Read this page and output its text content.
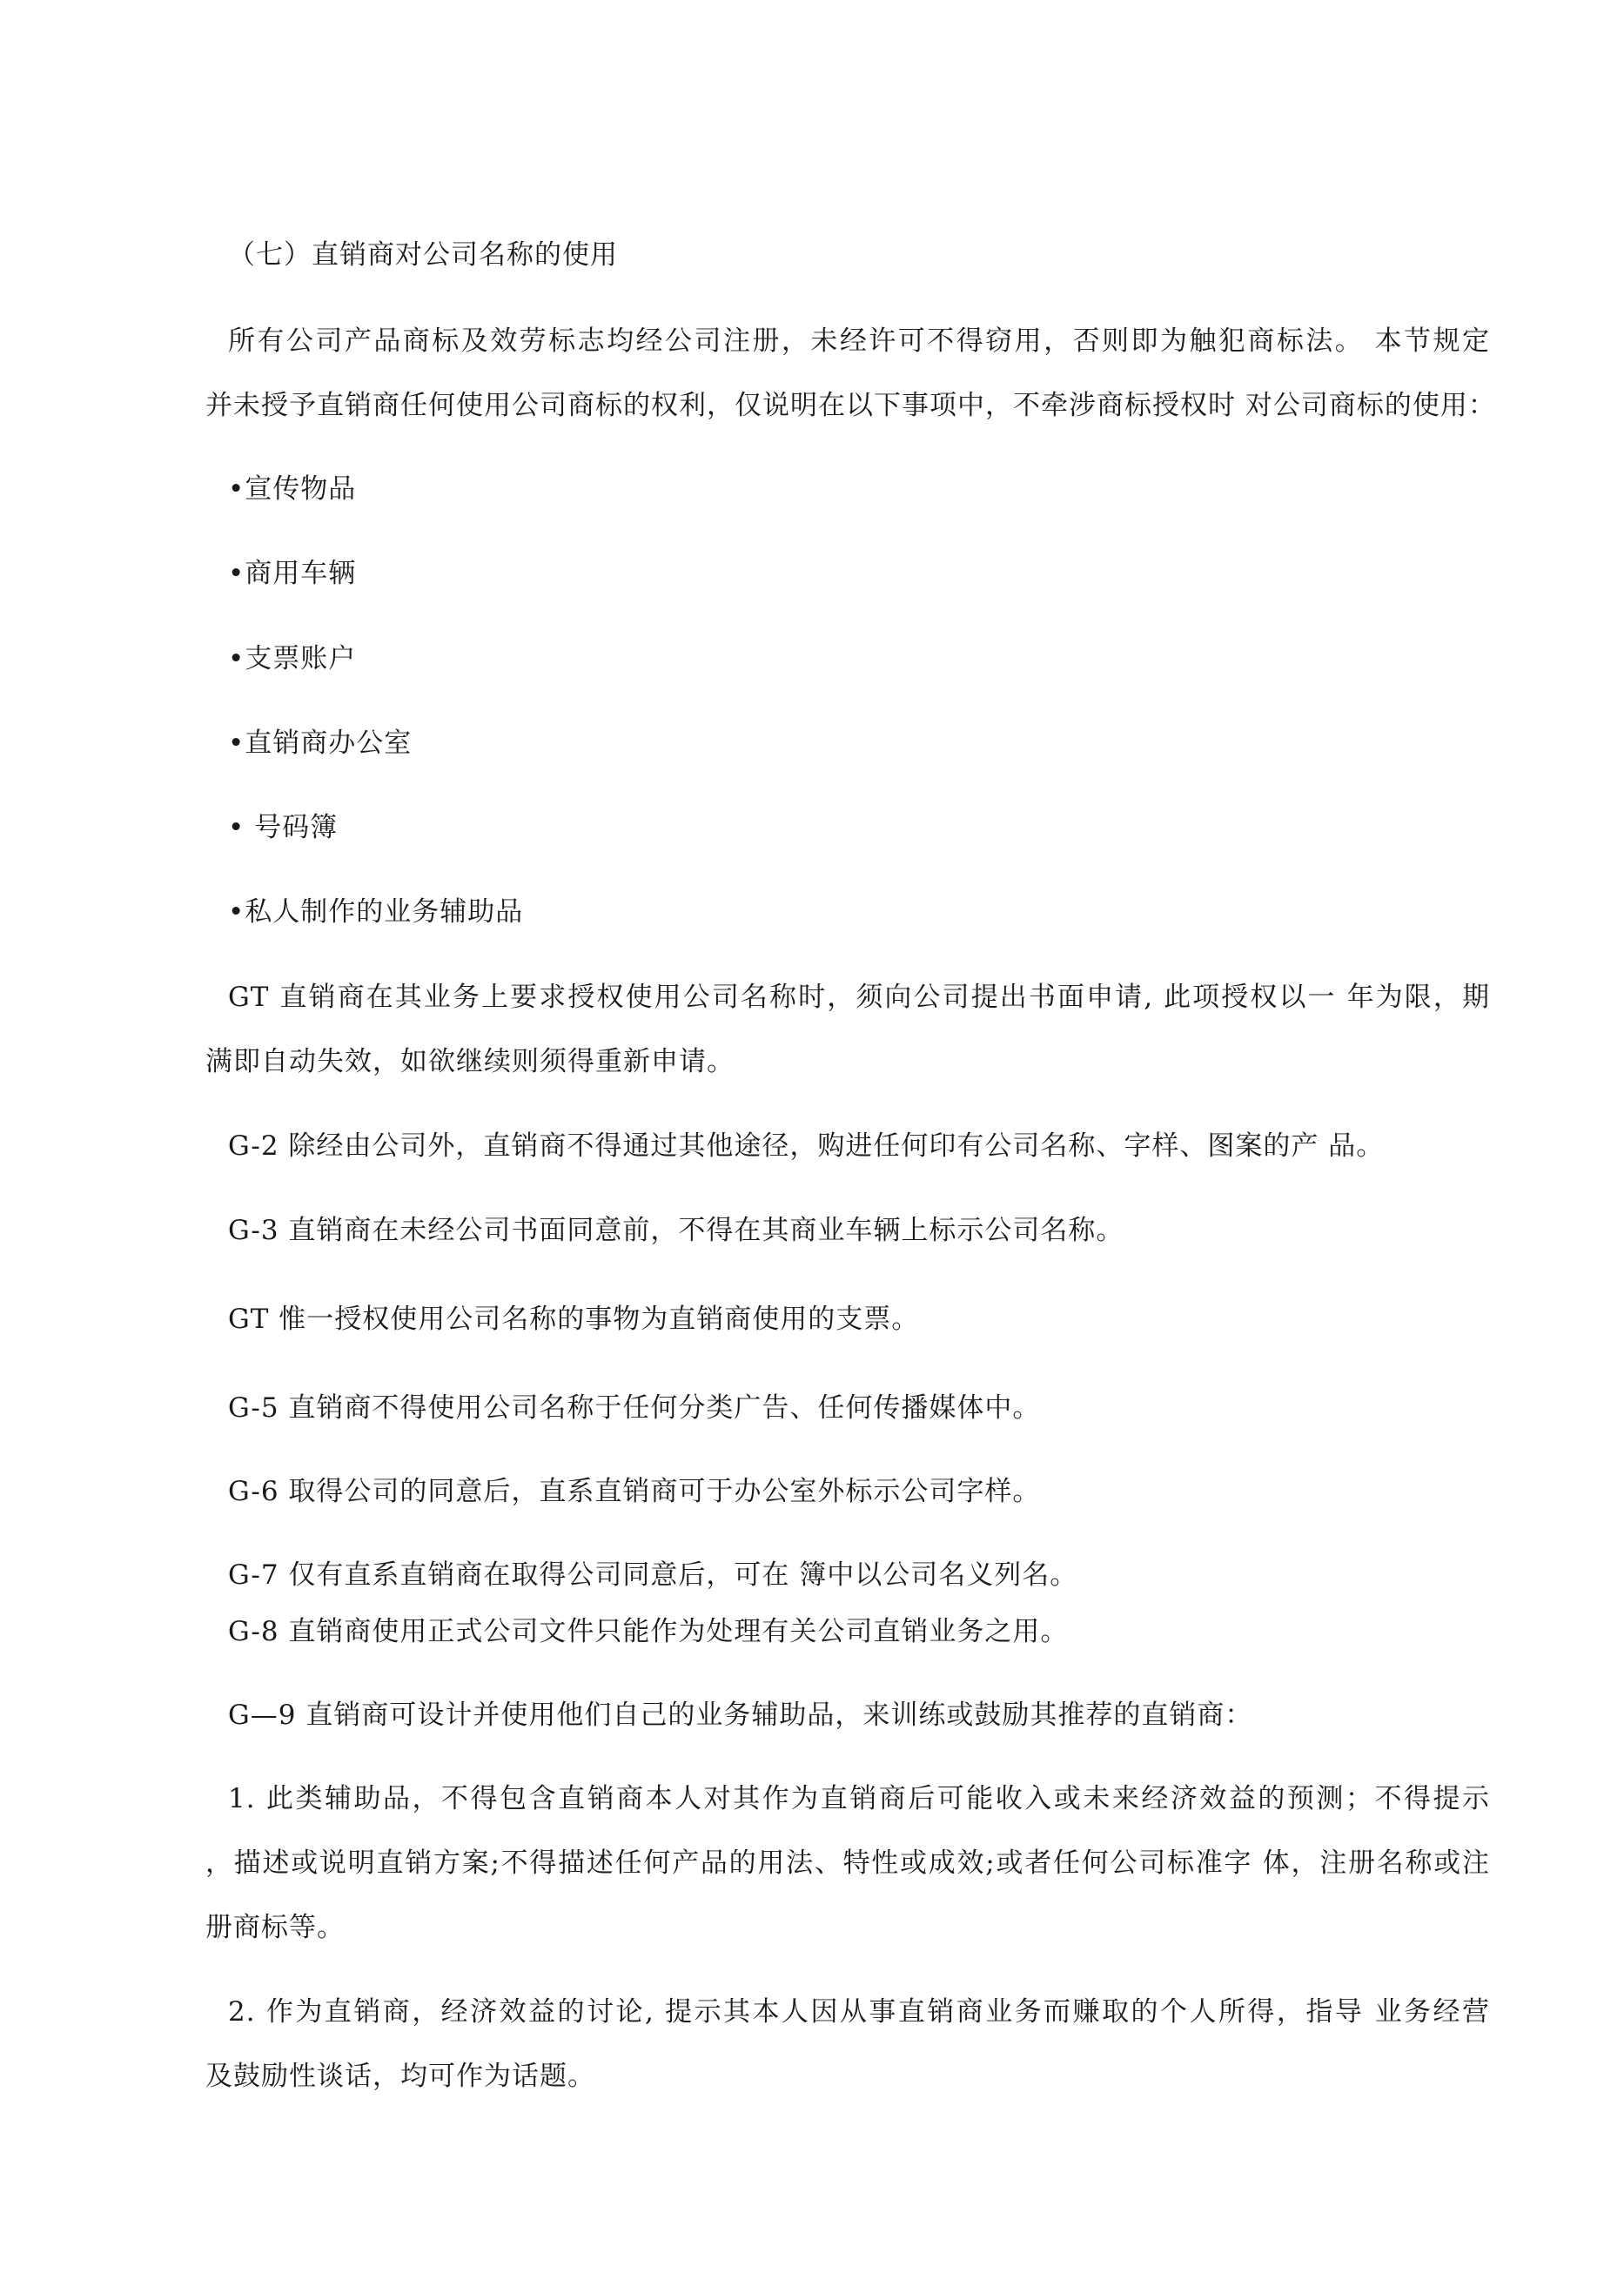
（七）直销商对公司名称的使用
所有公司产品商标及效劳标志均经公司注册，未经许可不得窃用，否则即为触犯商标法。 本节规定
并未授予直销商任何使用公司商标的权利，仅说明在以下事项中，不牵涉商标授权时 对公司商标的使用：
•宣传物品
•商用车辆
•支票账户
•直销商办公室
• 号码簿
•私人制作的业务辅助品
GT 直销商在其业务上要求授权使用公司名称时，须向公司提出书面申请, 此项授权以一 年为限，期
满即自动失效，如欲继续则须得重新申请。
G-2 除经由公司外，直销商不得通过其他途径，购进任何印有公司名称、字样、图案的产 品。
G-3 直销商在未经公司书面同意前，不得在其商业车辆上标示公司名称。
GT 惟一授权使用公司名称的事物为直销商使用的支票。
G-5 直销商不得使用公司名称于任何分类广告、任何传播媒体中。
G-6 取得公司的同意后，直系直销商可于办公室外标示公司字样。
G-7 仅有直系直销商在取得公司同意后，可在 簿中以公司名义列名。
G-8 直销商使用正式公司文件只能作为处理有关公司直销业务之用。
G—9 直销商可设计并使用他们自己的业务辅助品，来训练或鼓励其推荐的直销商：
1. 此类辅助品，不得包含直销商本人对其作为直销商后可能收入或未来经济效益的预测；不得提示
，描述或说明直销方案;不得描述任何产品的用法、特性或成效;或者任何公司标准字 体，注册名称或注
册商标等。
2. 作为直销商，经济效益的讨论, 提示其本人因从事直销商业务而赚取的个人所得，指导 业务经营
及鼓励性谈话，均可作为话题。
